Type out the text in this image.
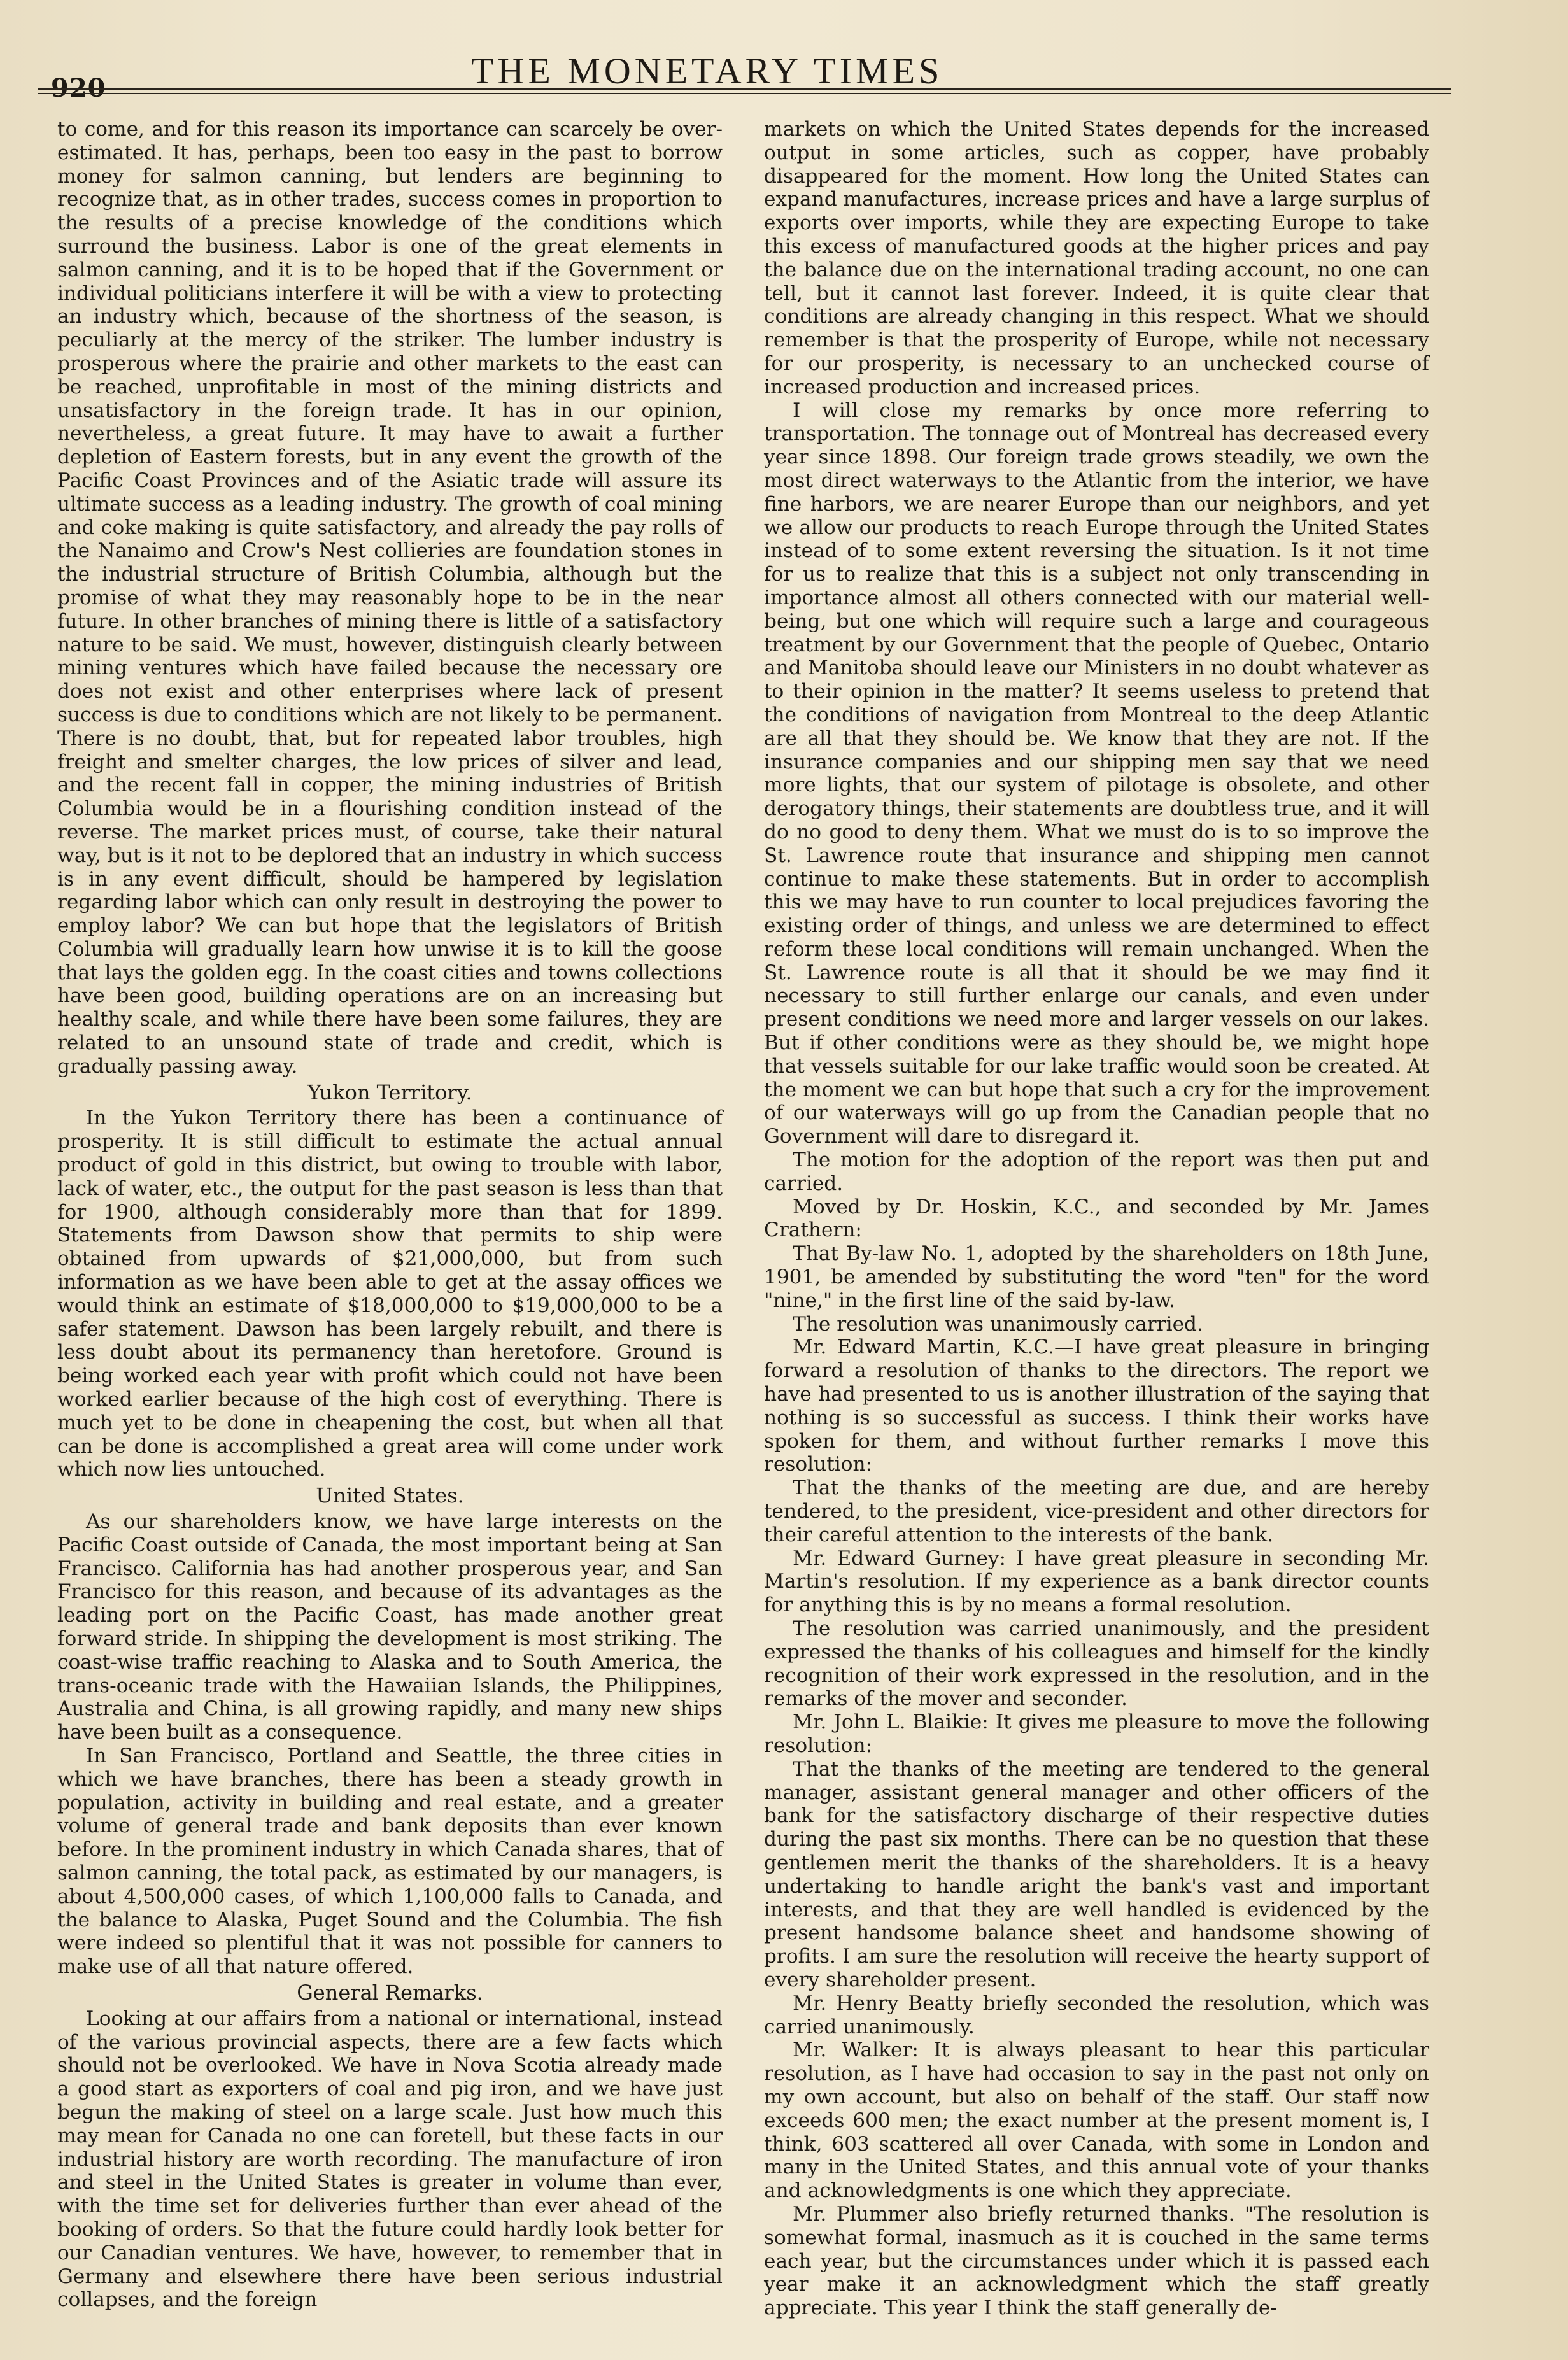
920	THE MONETARY TIMES

to come, and for this reason its importance can scarcely be over-estimated. It has, perhaps, been too easy in the past to borrow money for salmon canning, but lenders are beginning to recognize that, as in other trades, success comes in proportion to the results of a precise knowledge of the conditions which surround the business. Labor is one of the great elements in salmon canning, and it is to be hoped that if the Government or individual politicians interfere it will be with a view to protecting an industry which, because of the shortness of the season, is peculiarly at the mercy of the striker. The lumber industry is prosperous where the prairie and other markets to the east can be reached, unprofitable in most of the mining districts and unsatisfactory in the foreign trade. It has in our opinion, nevertheless, a great future. It may have to await a further depletion of Eastern forests, but in any event the growth of the Pacific Coast Provinces and of the Asiatic trade will assure its ultimate success as a leading industry. The growth of coal mining and coke making is quite satisfactory, and already the pay rolls of the Nanaimo and Crow's Nest collieries are foundation stones in the industrial structure of British Columbia, although but the promise of what they may reasonably hope to be in the near future. In other branches of mining there is little of a satisfactory nature to be said. We must, however, distinguish clearly between mining ventures which have failed because the necessary ore does not exist and other enterprises where lack of present success is due to conditions which are not likely to be permanent. There is no doubt, that, but for repeated labor troubles, high freight and smelter charges, the low prices of silver and lead, and the recent fall in copper, the mining industries of British Columbia would be in a flourishing condition instead of the reverse. The market prices must, of course, take their natural way, but is it not to be deplored that an industry in which success is in any event difficult, should be hampered by legislation regarding labor which can only result in destroying the power to employ labor? We can but hope that the legislators of British Columbia will gradually learn how unwise it is to kill the goose that lays the golden egg. In the coast cities and towns collections have been good, building operations are on an increasing but healthy scale, and while there have been some failures, they are related to an unsound state of trade and credit, which is gradually passing away.

Yukon Territory.

In the Yukon Territory there has been a continuance of prosperity. It is still difficult to estimate the actual annual product of gold in this district, but owing to trouble with labor, lack of water, etc., the output for the past season is less than that for 1900, although considerably more than that for 1899. Statements from Dawson show that permits to ship were obtained from upwards of $21,000,000, but from such information as we have been able to get at the assay offices we would think an estimate of $18,000,000 to $19,000,000 to be a safer statement. Dawson has been largely rebuilt, and there is less doubt about its permanency than heretofore. Ground is being worked each year with profit which could not have been worked earlier because of the high cost of everything. There is much yet to be done in cheapening the cost, but when all that can be done is accomplished a great area will come under work which now lies untouched.

United States.

As our shareholders know, we have large interests on the Pacific Coast outside of Canada, the most important being at San Francisco. California has had another prosperous year, and San Francisco for this reason, and because of its advantages as the leading port on the Pacific Coast, has made another great forward stride. In shipping the development is most striking. The coast-wise traffic reaching to Alaska and to South America, the trans-oceanic trade with the Hawaiian Islands, the Philippines, Australia and China, is all growing rapidly, and many new ships have been built as a consequence.

In San Francisco, Portland and Seattle, the three cities in which we have branches, there has been a steady growth in population, activity in building and real estate, and a greater volume of general trade and bank deposits than ever known before. In the prominent industry in which Canada shares, that of salmon canning, the total pack, as estimated by our managers, is about 4,500,000 cases, of which 1,100,000 falls to Canada, and the balance to Alaska, Puget Sound and the Columbia. The fish were indeed so plentiful that it was not possible for canners to make use of all that nature offered.

General Remarks.

Looking at our affairs from a national or international, instead of the various provincial aspects, there are a few facts which should not be overlooked. We have in Nova Scotia already made a good start as exporters of coal and pig iron, and we have just begun the making of steel on a large scale. Just how much this may mean for Canada no one can foretell, but these facts in our industrial history are worth recording. The manufacture of iron and steel in the United States is greater in volume than ever, with the time set for deliveries further than ever ahead of the booking of orders. So that the future could hardly look better for our Canadian ventures. We have, however, to remember that in Germany and elsewhere there have been serious industrial collapses, and the foreign

markets on which the United States depends for the increased output in some articles, such as copper, have probably disappeared for the moment. How long the United States can expand manufactures, increase prices and have a large surplus of exports over imports, while they are expecting Europe to take this excess of manufactured goods at the higher prices and pay the balance due on the international trading account, no one can tell, but it cannot last forever. Indeed, it is quite clear that conditions are already changing in this respect. What we should remember is that the prosperity of Europe, while not necessary for our prosperity, is necessary to an unchecked course of increased production and increased prices.

I will close my remarks by once more referring to transportation. The tonnage out of Montreal has decreased every year since 1898. Our foreign trade grows steadily, we own the most direct waterways to the Atlantic from the interior, we have fine harbors, we are nearer Europe than our neighbors, and yet we allow our products to reach Europe through the United States instead of to some extent reversing the situation. Is it not time for us to realize that this is a subject not only transcending in importance almost all others connected with our material well-being, but one which will require such a large and courageous treatment by our Government that the people of Quebec, Ontario and Manitoba should leave our Ministers in no doubt whatever as to their opinion in the matter? It seems useless to pretend that the conditions of navigation from Montreal to the deep Atlantic are all that they should be. We know that they are not. If the insurance companies and our shipping men say that we need more lights, that our system of pilotage is obsolete, and other derogatory things, their statements are doubtless true, and it will do no good to deny them. What we must do is to so improve the St. Lawrence route that insurance and shipping men cannot continue to make these statements. But in order to accomplish this we may have to run counter to local prejudices favoring the existing order of things, and unless we are determined to effect reform these local conditions will remain unchanged. When the St. Lawrence route is all that it should be we may find it necessary to still further enlarge our canals, and even under present conditions we need more and larger vessels on our lakes. But if other conditions were as they should be, we might hope that vessels suitable for our lake traffic would soon be created. At the moment we can but hope that such a cry for the improvement of our waterways will go up from the Canadian people that no Government will dare to disregard it.

The motion for the adoption of the report was then put and carried.

Moved by Dr. Hoskin, K.C., and seconded by Mr. James Crathern:

That By-law No. 1, adopted by the shareholders on 18th June, 1901, be amended by substituting the word "ten" for the word "nine," in the first line of the said by-law.

The resolution was unanimously carried.

Mr. Edward Martin, K.C.—I have great pleasure in bringing forward a resolution of thanks to the directors. The report we have had presented to us is another illustration of the saying that nothing is so successful as success. I think their works have spoken for them, and without further remarks I move this resolution:

That the thanks of the meeting are due, and are hereby tendered, to the president, vice-president and other directors for their careful attention to the interests of the bank.

Mr. Edward Gurney: I have great pleasure in seconding Mr. Martin's resolution. If my experience as a bank director counts for anything this is by no means a formal resolution.

The resolution was carried unanimously, and the president expressed the thanks of his colleagues and himself for the kindly recognition of their work expressed in the resolution, and in the remarks of the mover and seconder.

Mr. John L. Blaikie: It gives me pleasure to move the following resolution:

That the thanks of the meeting are tendered to the general manager, assistant general manager and other officers of the bank for the satisfactory discharge of their respective duties during the past six months. There can be no question that these gentlemen merit the thanks of the shareholders. It is a heavy undertaking to handle aright the bank's vast and important interests, and that they are well handled is evidenced by the present handsome balance sheet and handsome showing of profits. I am sure the resolution will receive the hearty support of every shareholder present.

Mr. Henry Beatty briefly seconded the resolution, which was carried unanimously.

Mr. Walker: It is always pleasant to hear this particular resolution, as I have had occasion to say in the past not only on my own account, but also on behalf of the staff. Our staff now exceeds 600 men; the exact number at the present moment is, I think, 603 scattered all over Canada, with some in London and many in the United States, and this annual vote of your thanks and acknowledgments is one which they appreciate.

Mr. Plummer also briefly returned thanks. "The resolution is somewhat formal, inasmuch as it is couched in the same terms each year, but the circumstances under which it is passed each year make it an acknowledgment which the staff greatly appreciate. This year I think the staff generally de-
